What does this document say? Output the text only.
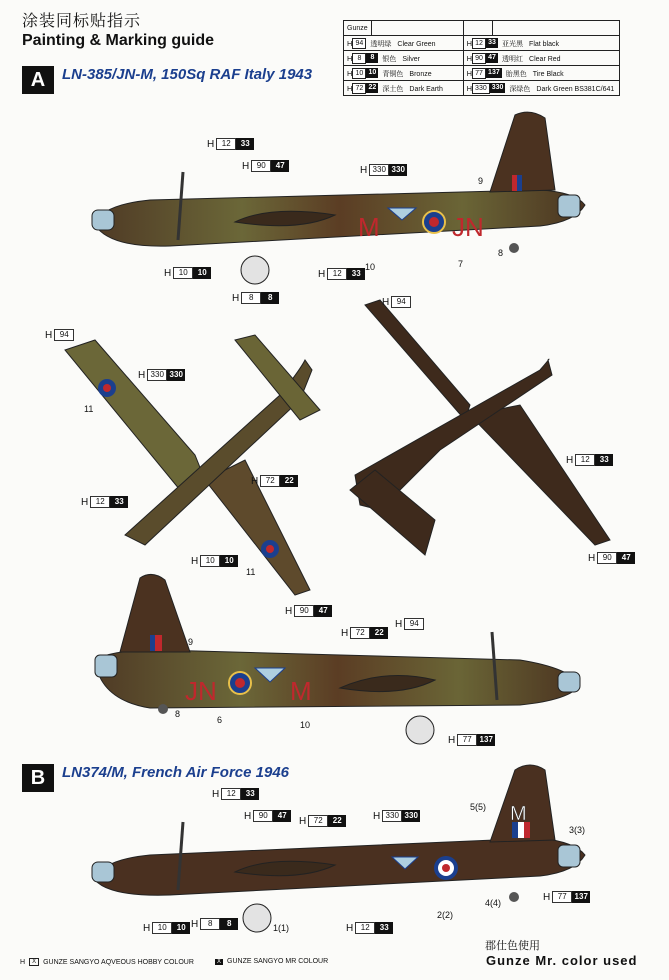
涂装同标贴指示
Painting & Marking guide
Gunze			
H 94 透明绿 Clear Green		H 12 33 亚光黑 Flat black	
H 8 8 银色 Silver		H 90 47 透明红 Clear Red	
H 10 10 青铜色 Bronze		H 77 137 胎黑色 Tire Black	
H 72 22 深土色 Dark Earth		H 330 330 深绿色 Dark Green BS381C/641	
A	LN-385/JN-M, 150Sq RAF Italy 1943
B	LN374/M, French Air Force 1946
M	JN
JN	M
M
H 12	33
H 90	47	H 330 330
H 10	10	H 12	33
H	8	8
H 94
H 94
H 330 330
H 12	33
H 72	22
H 12	33
H 10	10	H 90	47
H 90	47
H 72	22
H 94
H 77 137
H 12	33
H 90	47	H 72	22	H 330 330
H 77 137
H	8	8
H 10	10	H 12	33
9
10	7
8
11
11
9
8
6	10
5(5)
3(3)
4(4)
2(2)
1(1)
H	X	GUNZE SANGYO AQVEOUS HOBBY COLOUR	X GUNZE SANGYO MR COLOUR
郡仕色使用
Gunze Mr. color used
